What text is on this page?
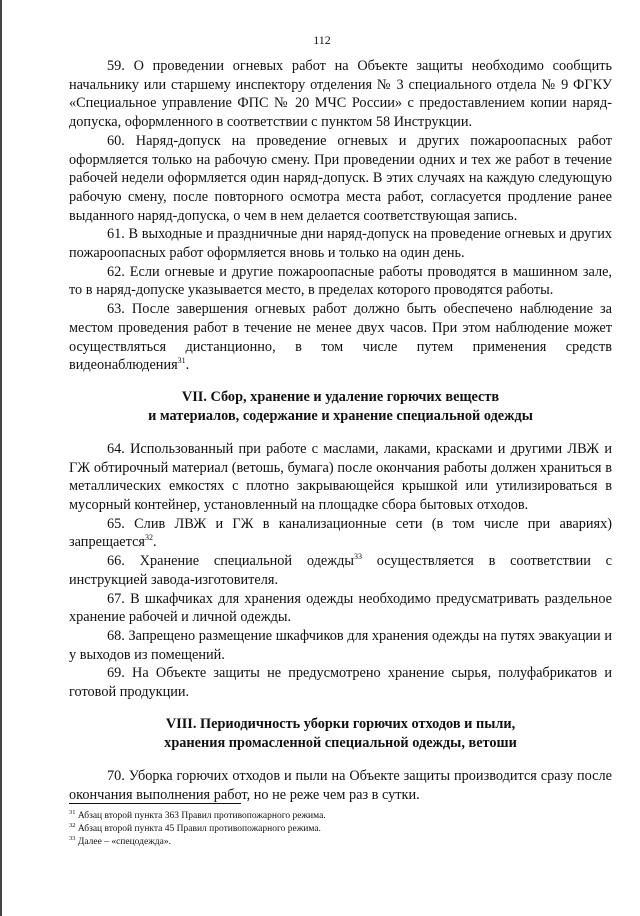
112

59. О проведении огневых работ на Объекте защиты необходимо сообщить начальнику или старшему инспектору отделения № 3 специального отдела № 9 ФГКУ «Специальное управление ФПС № 20 МЧС России» с предоставлением копии наряд-допуска, оформленного в соответствии с пунктом 58 Инструкции.

60. Наряд-допуск на проведение огневых и других пожароопасных работ оформляется только на рабочую смену. При проведении одних и тех же работ в течение рабочей недели оформляется один наряд-допуск. В этих случаях на каждую следующую рабочую смену, после повторного осмотра места работ, согласуется продление ранее выданного наряд-допуска, о чем в нем делается соответствующая запись.

61. В выходные и праздничные дни наряд-допуск на проведение огневых и других пожароопасных работ оформляется вновь и только на один день.

62. Если огневые и другие пожароопасные работы проводятся в машинном зале, то в наряд-допуске указывается место, в пределах которого проводятся работы.

63. После завершения огневых работ должно быть обеспечено наблюдение за местом проведения работ в течение не менее двух часов. При этом наблюдение может осуществляться дистанционно, в том числе путем применения средств видеонаблюдения$^{31}$.

VII. Сбор, хранение и удаление горючих веществ
и материалов, содержание и хранение специальной одежды

64. Использованный при работе с маслами, лаками, красками и другими ЛВЖ и ГЖ обтирочный материал (ветошь, бумага) после окончания работы должен храниться в металлических емкостях с плотно закрывающейся крышкой или утилизироваться в мусорный контейнер, установленный на площадке сбора бытовых отходов.

65. Слив ЛВЖ и ГЖ в канализационные сети (в том числе при авариях) запрещается$^{32}$.

66. Хранение специальной одежды$^{33}$ осуществляется в соответствии с инструкцией завода-изготовителя.

67. В шкафчиках для хранения одежды необходимо предусматривать раздельное хранение рабочей и личной одежды.

68. Запрещено размещение шкафчиков для хранения одежды на путях эвакуации и у выходов из помещений.

69. На Объекте защиты не предусмотрено хранение сырья, полуфабрикатов и готовой продукции.

VIII. Периодичность уборки горючих отходов и пыли,
хранения промасленной специальной одежды, ветоши

70. Уборка горючих отходов и пыли на Объекте защиты производится сразу после окончания выполнения работ, но не реже чем раз в сутки.

$^{31}$ Абзац второй пункта 363 Правил противопожарного режима.
$^{32}$ Абзац второй пункта 45 Правил противопожарного режима.
$^{33}$ Далее – «спецодежда».
